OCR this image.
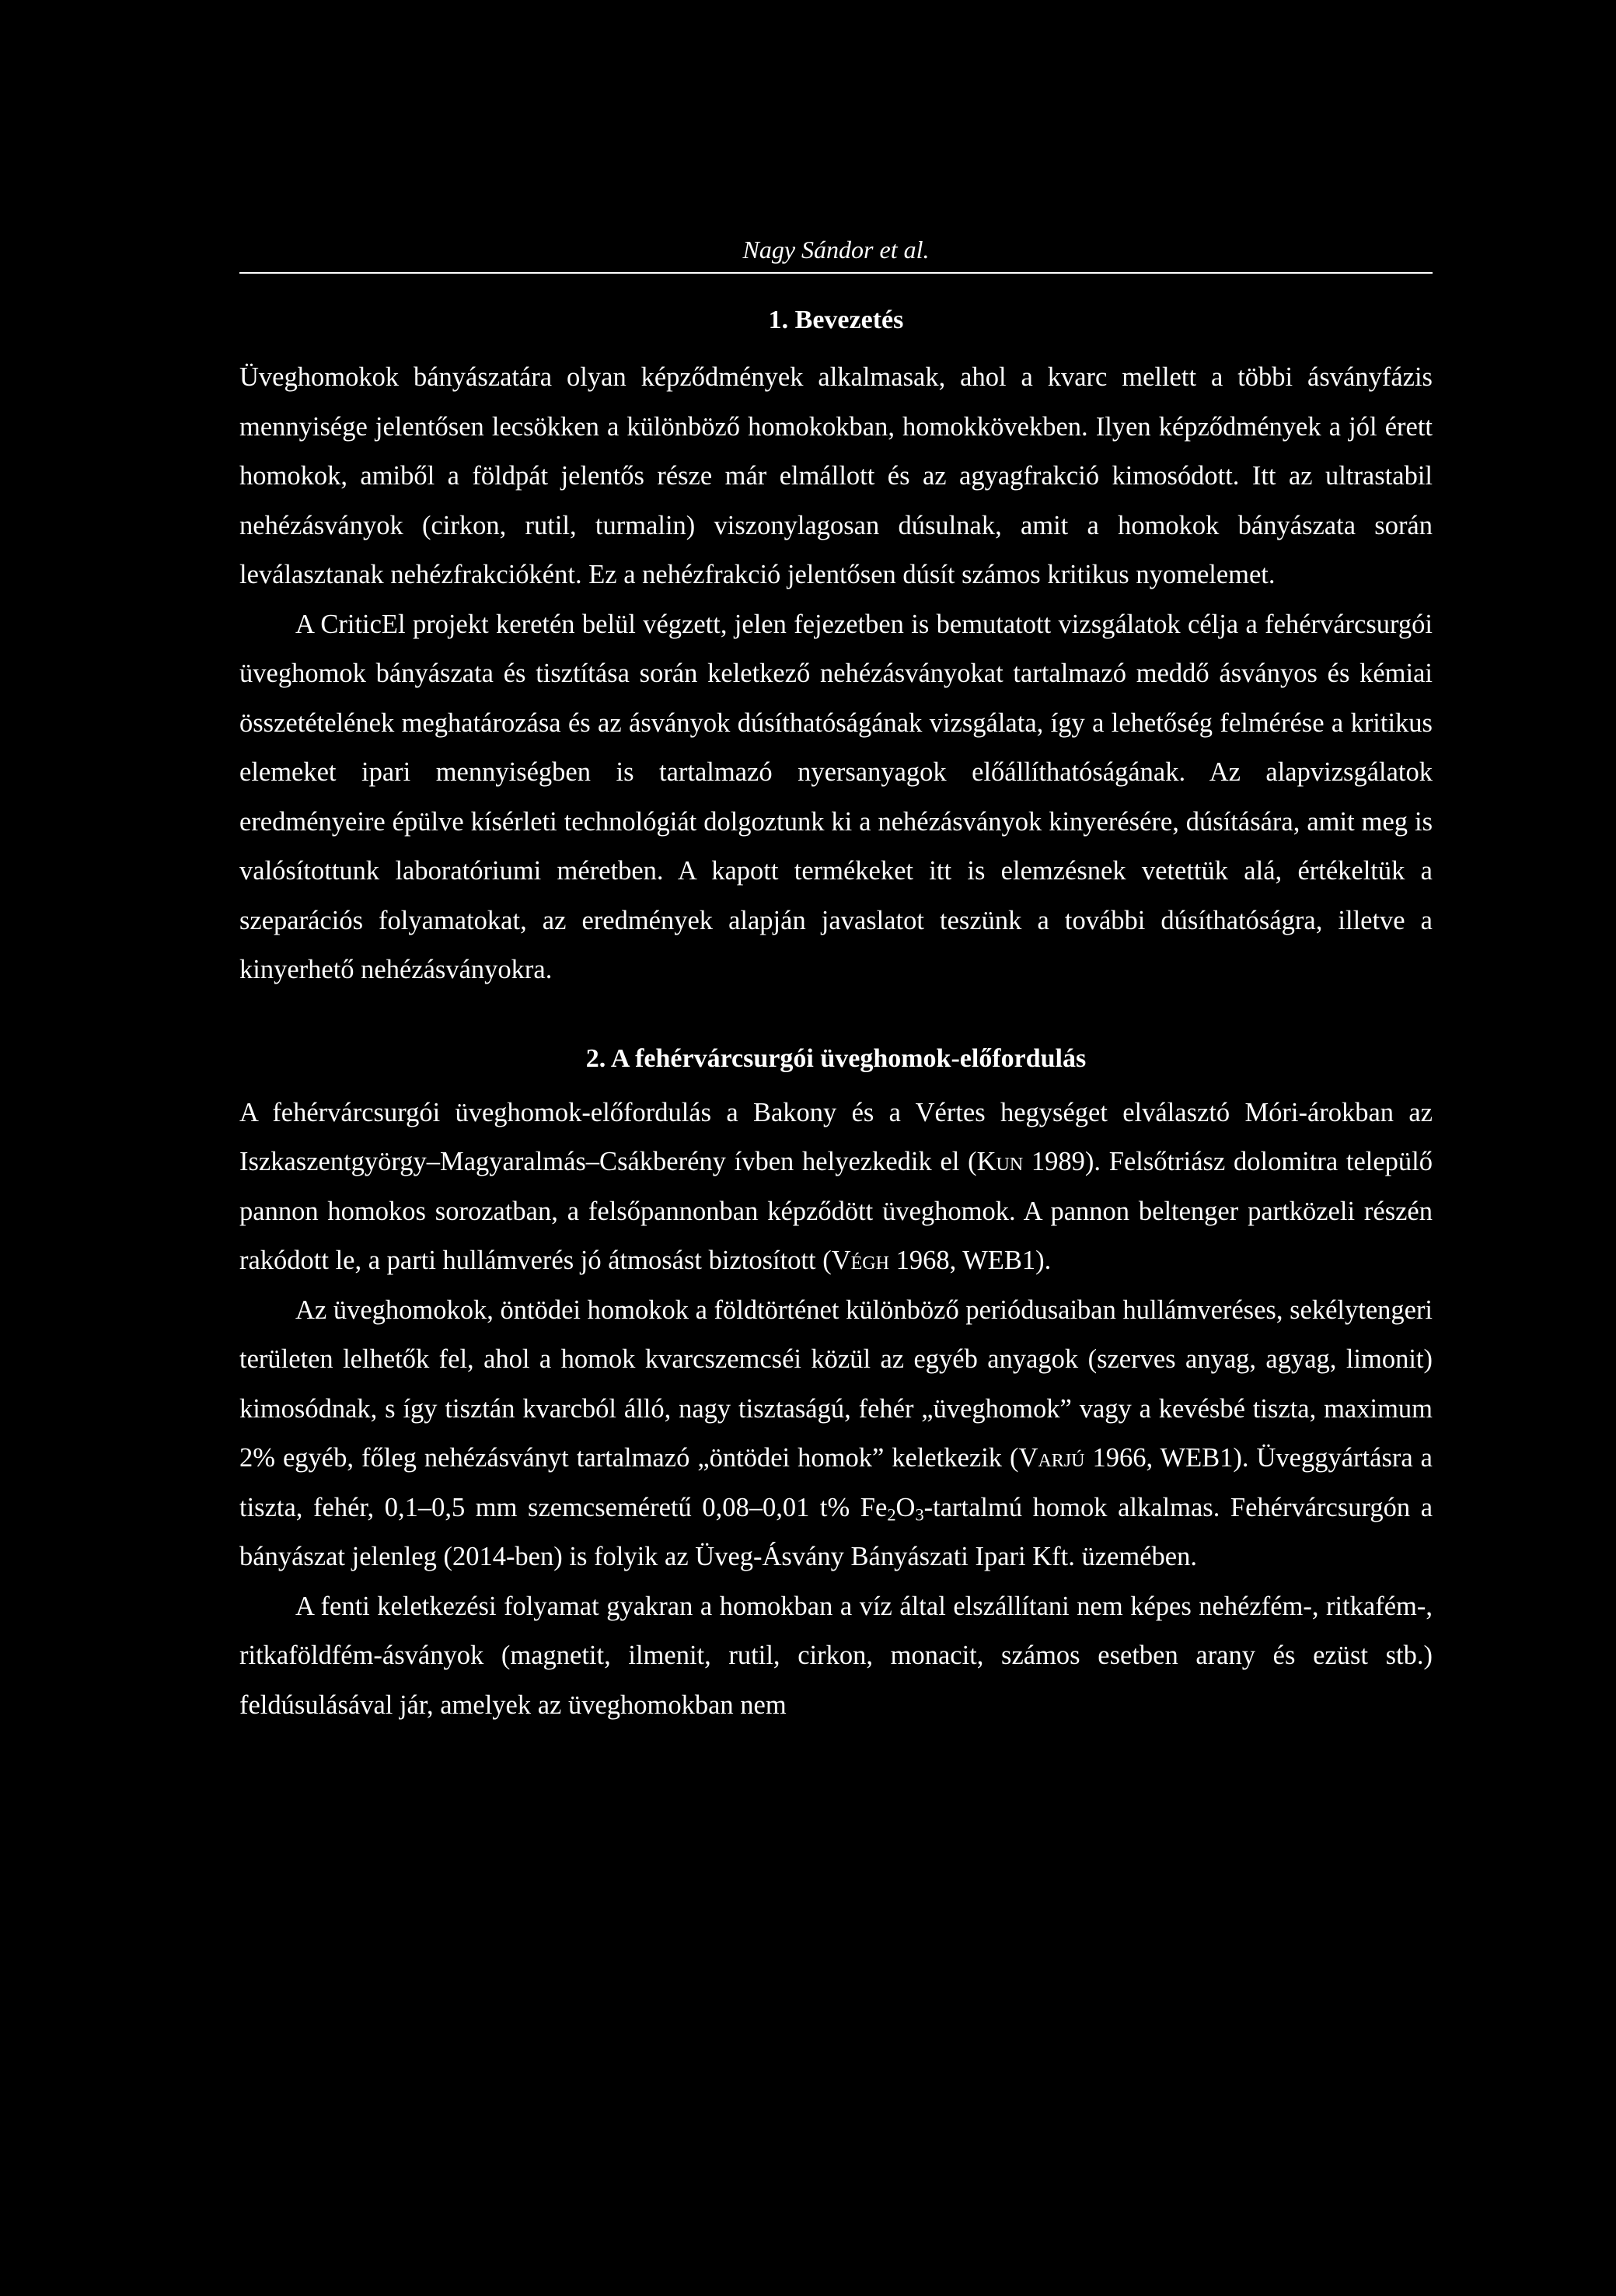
Nagy Sándor et al.
1. Bevezetés

Üveghomokok bányászatára olyan képződmények alkalmasak, ahol a kvarc mellett a többi ásványfázis mennyisége jelentősen lecsökken a különböző homokokban, homokkövekben. Ilyen képződmények a jól érett homokok, amiből a földpát jelentős része már elmállott és az agyagfrakció kimosódott. Itt az ultrastabil nehézásványok (cirkon, rutil, turmalin) viszonylagosan dúsulnak, amit a homokok bányászata során leválasztanak nehézfrakcióként. Ez a nehézfrakció jelentősen dúsít számos kritikus nyomelemet.

A CriticEl projekt keretén belül végzett, jelen fejezetben is bemutatott vizsgálatok célja a fehérvárcsurgói üveghomok bányászata és tisztítása során keletkező nehézásványokat tartalmazó meddő ásványos és kémiai összetételének meghatározása és az ásványok dúsíthatóságának vizsgálata, így a lehetőség felmérése a kritikus elemeket ipari mennyiségben is tartalmazó nyersanyagok előállíthatóságának. Az alapvizsgálatok eredményeire épülve kísérleti technológiát dolgoztunk ki a nehézásványok kinyerésére, dúsítására, amit meg is valósítottunk laboratóriumi méretben. A kapott termékeket itt is elemzésnek vetettük alá, értékeltük a szeparációs folyamatokat, az eredmények alapján javaslatot teszünk a további dúsíthatóságra, illetve a kinyerhető nehézásványokra.

2. A fehérvárcsurgói üveghomok-előfordulás

A fehérvárcsurgói üveghomok-előfordulás a Bakony és a Vértes hegységet elválasztó Móri-árokban az Iszkaszentgyörgy–Magyaralmás–Csákberény ívben helyezkedik el (Kun 1989). Felsőtriász dolomitra települő pannon homokos sorozatban, a felsőpannonban képződött üveghomok. A pannon beltenger partközeli részén rakódott le, a parti hullámverés jó átmosást biztosított (Végh 1968, WEB1).

Az üveghomokok, öntödei homokok a földtörténet különböző periódusaiban hullámveréses, sekélytengeri területen lelhetők fel, ahol a homok kvarcszemcséi közül az egyéb anyagok (szerves anyag, agyag, limonit) kimosódnak, s így tisztán kvarcból álló, nagy tisztaságú, fehér „üveghomok” vagy a kevésbé tiszta, maximum 2% egyéb, főleg nehézásványt tartalmazó „öntödei homok” keletkezik (Varjú 1966, WEB1). Üveggyártásra a tiszta, fehér, 0,1–0,5 mm szemcseméretű 0,08–0,01 t% $Fe_2O_3$-tartalmú homok alkalmas. Fehérvárcsurgón a bányászat jelenleg (2014-ben) is folyik az Üveg-Ásvány Bányászati Ipari Kft. üzemében.

A fenti keletkezési folyamat gyakran a homokban a víz által elszállítani nem képes nehézfém-, ritkafém-, ritkaföldfém-ásványok (magnetit, ilmenit, rutil, cirkon, monacit, számos esetben arany és ezüst stb.) feldúsulásával jár, amelyek az üveghomokban nem
